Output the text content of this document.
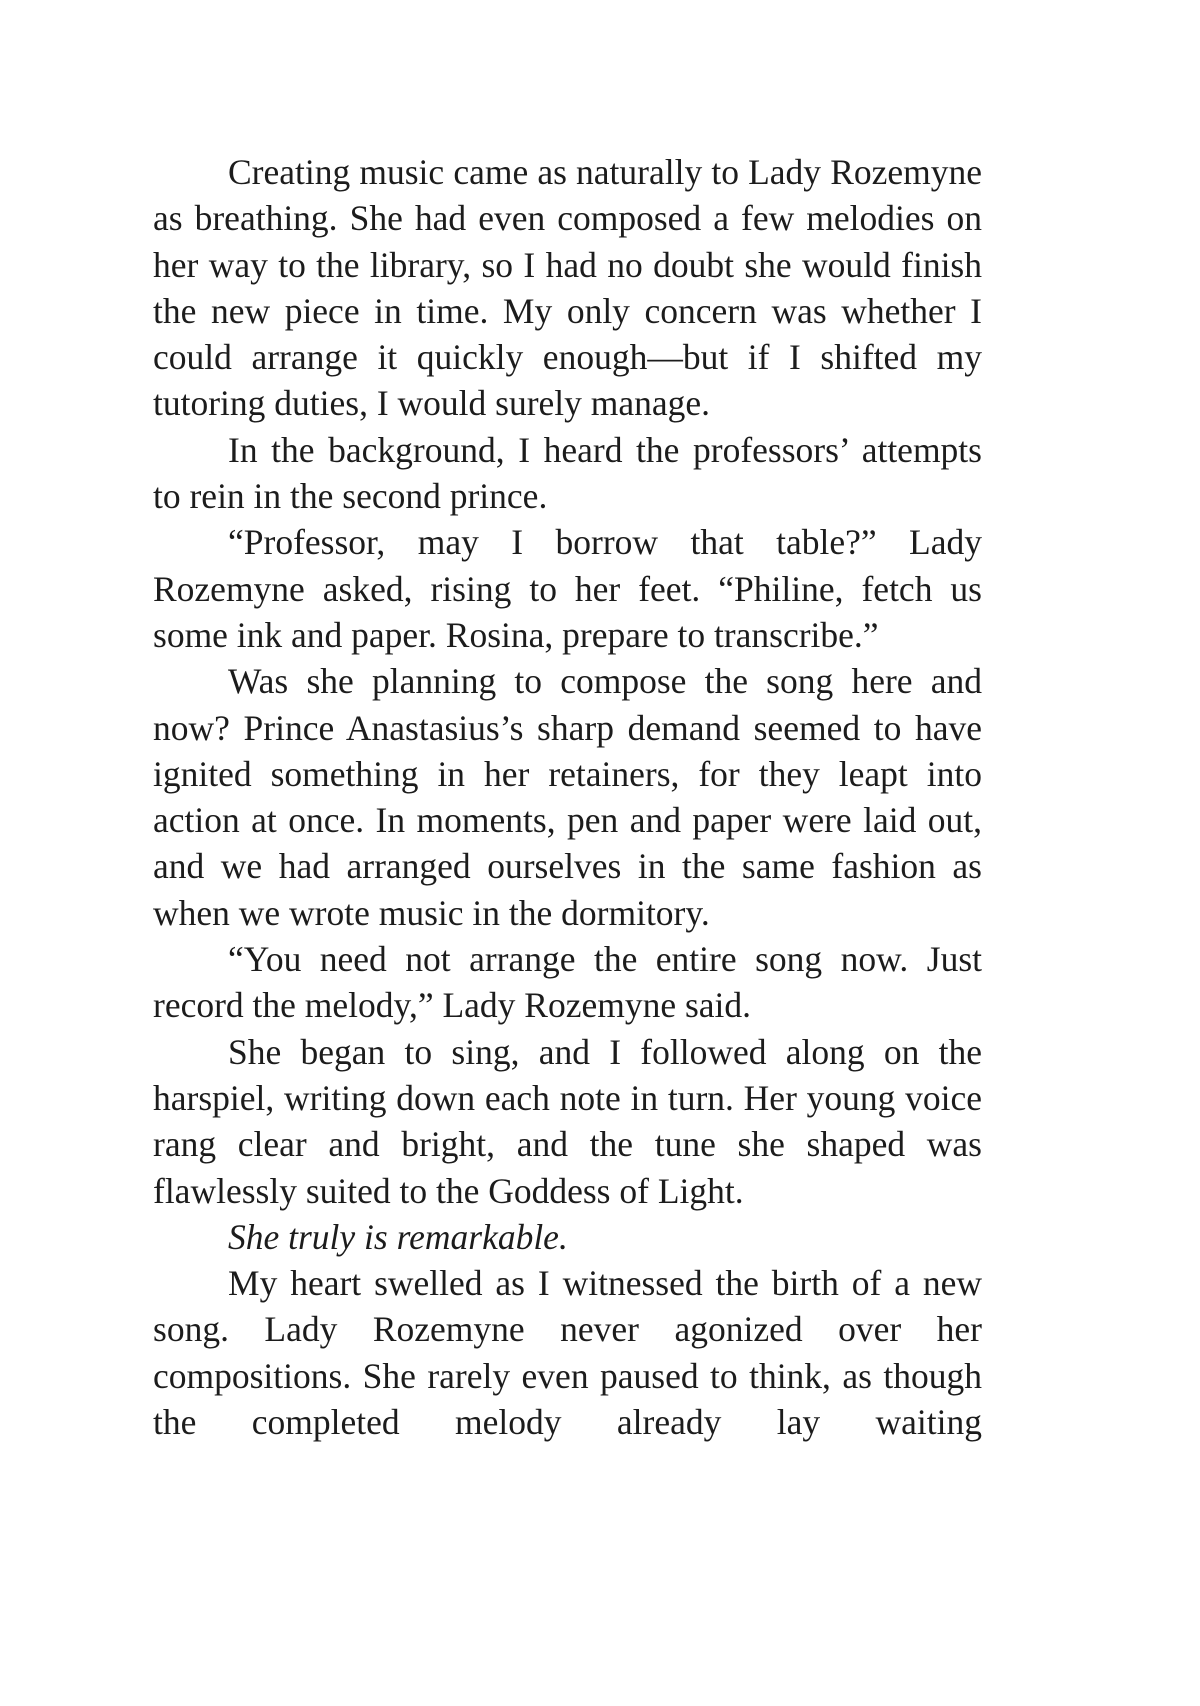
Creating music came as naturally to Lady Rozemyne as breathing. She had even composed a few melodies on her way to the library, so I had no doubt she would finish the new piece in time. My only concern was whether I could arrange it quickly enough—but if I shifted my tutoring duties, I would surely manage.

In the background, I heard the professors’ attempts to rein in the second prince.

“Professor, may I borrow that table?” Lady Rozemyne asked, rising to her feet. “Philine, fetch us some ink and paper. Rosina, prepare to transcribe.”

Was she planning to compose the song here and now? Prince Anastasius’s sharp demand seemed to have ignited something in her retainers, for they leapt into action at once. In moments, pen and paper were laid out, and we had arranged ourselves in the same fashion as when we wrote music in the dormitory.

“You need not arrange the entire song now. Just record the melody,” Lady Rozemyne said.

She began to sing, and I followed along on the harspiel, writing down each note in turn. Her young voice rang clear and bright, and the tune she shaped was flawlessly suited to the Goddess of Light.

She truly is remarkable.

My heart swelled as I witnessed the birth of a new song. Lady Rozemyne never agonized over her compositions. She rarely even paused to think, as though the completed melody already lay waiting
